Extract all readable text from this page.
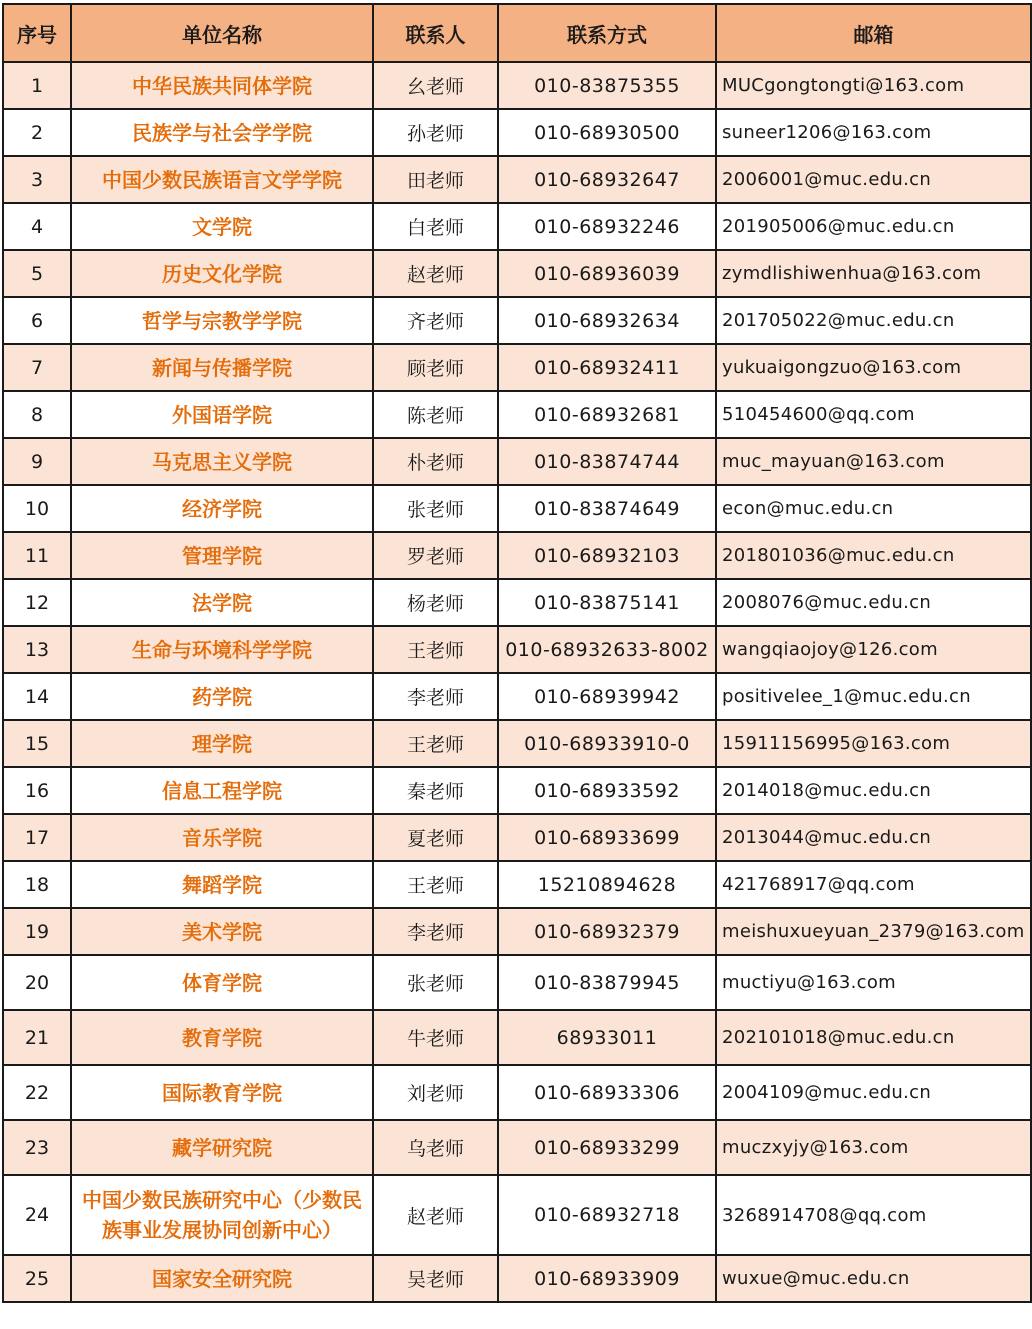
序号	单位名称	联系人	联系方式	邮箱
1	中华民族共同体学院	幺老师	010-83875355	MUCgongtongti@163.com
2	民族学与社会学学院	孙老师	010-68930500	suneer1206@163.com
3	中国少数民族语言文学学院	田老师	010-68932647	2006001@muc.edu.cn
4	文学院	白老师	010-68932246	201905006@muc.edu.cn
5	历史文化学院	赵老师	010-68936039	zymdlishiwenhua@163.com
6	哲学与宗教学学院	齐老师	010-68932634	201705022@muc.edu.cn
7	新闻与传播学院	顾老师	010-68932411	yukuaigongzuo@163.com
8	外国语学院	陈老师	010-68932681	510454600@qq.com
9	马克思主义学院	朴老师	010-83874744	muc_mayuan@163.com
10	经济学院	张老师	010-83874649	econ@muc.edu.cn
11	管理学院	罗老师	010-68932103	201801036@muc.edu.cn
12	法学院	杨老师	010-83875141	2008076@muc.edu.cn
13	生命与环境科学学院	王老师	010-68932633-8002	wangqiaojoy@126.com
14	药学院	李老师	010-68939942	positivelee_1@muc.edu.cn
15	理学院	王老师	010-68933910-0	15911156995@163.com
16	信息工程学院	秦老师	010-68933592	2014018@muc.edu.cn
17	音乐学院	夏老师	010-68933699	2013044@muc.edu.cn
18	舞蹈学院	王老师	15210894628	421768917@qq.com
19	美术学院	李老师	010-68932379	meishuxueyuan_2379@163.com
20	体育学院	张老师	010-83879945	muctiyu@163.com
21	教育学院	牛老师	68933011	202101018@muc.edu.cn
22	国际教育学院	刘老师	010-68933306	2004109@muc.edu.cn
23	藏学研究院	乌老师	010-68933299	muczxyjy@163.com
24	中国少数民族研究中心（少数民族事业发展协同创新中心）	赵老师	010-68932718	3268914708@qq.com
25	国家安全研究院	吴老师	010-68933909	wuxue@muc.edu.cn
